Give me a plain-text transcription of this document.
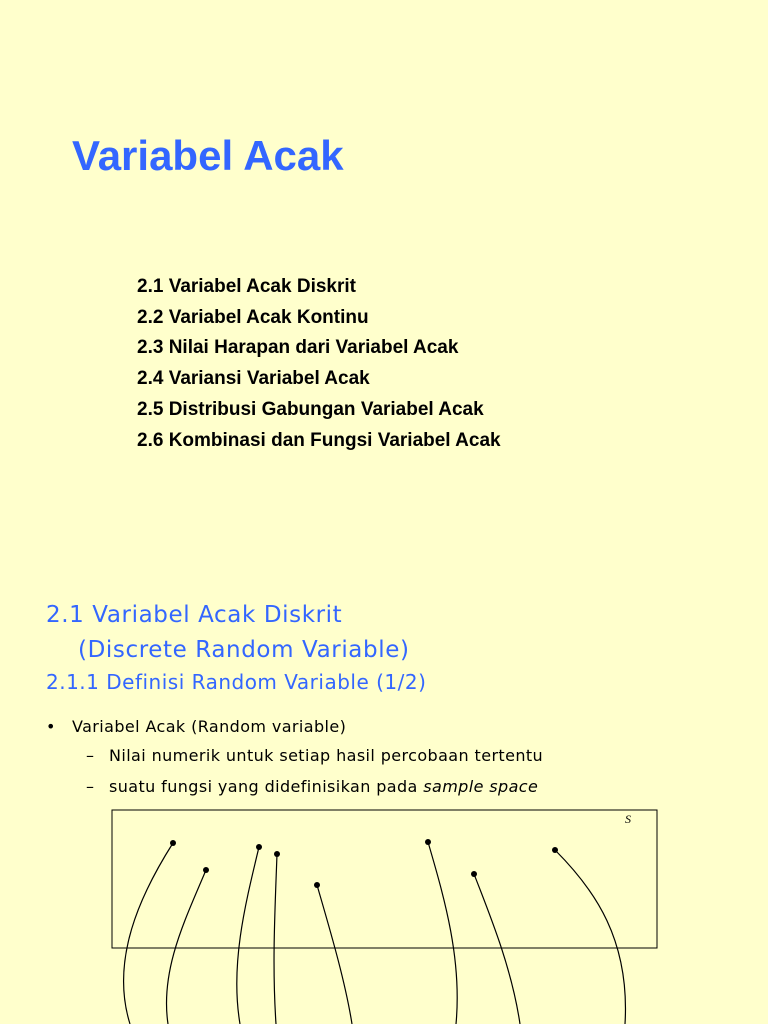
Variabel Acak
2.1 Variabel Acak Diskrit
2.2 Variabel Acak Kontinu
2.3 Nilai Harapan dari Variabel Acak
2.4 Variansi Variabel Acak
2.5 Distribusi Gabungan Variabel Acak
2.6 Kombinasi dan Fungsi Variabel Acak
2.1 Variabel Acak Diskrit
(Discrete Random Variable)
2.1.1 Definisi Random Variable (1/2)
• Variabel Acak (Random variable)
– Nilai numerik untuk setiap hasil percobaan tertentu
– suatu fungsi yang didefinisikan pada sample space
S
